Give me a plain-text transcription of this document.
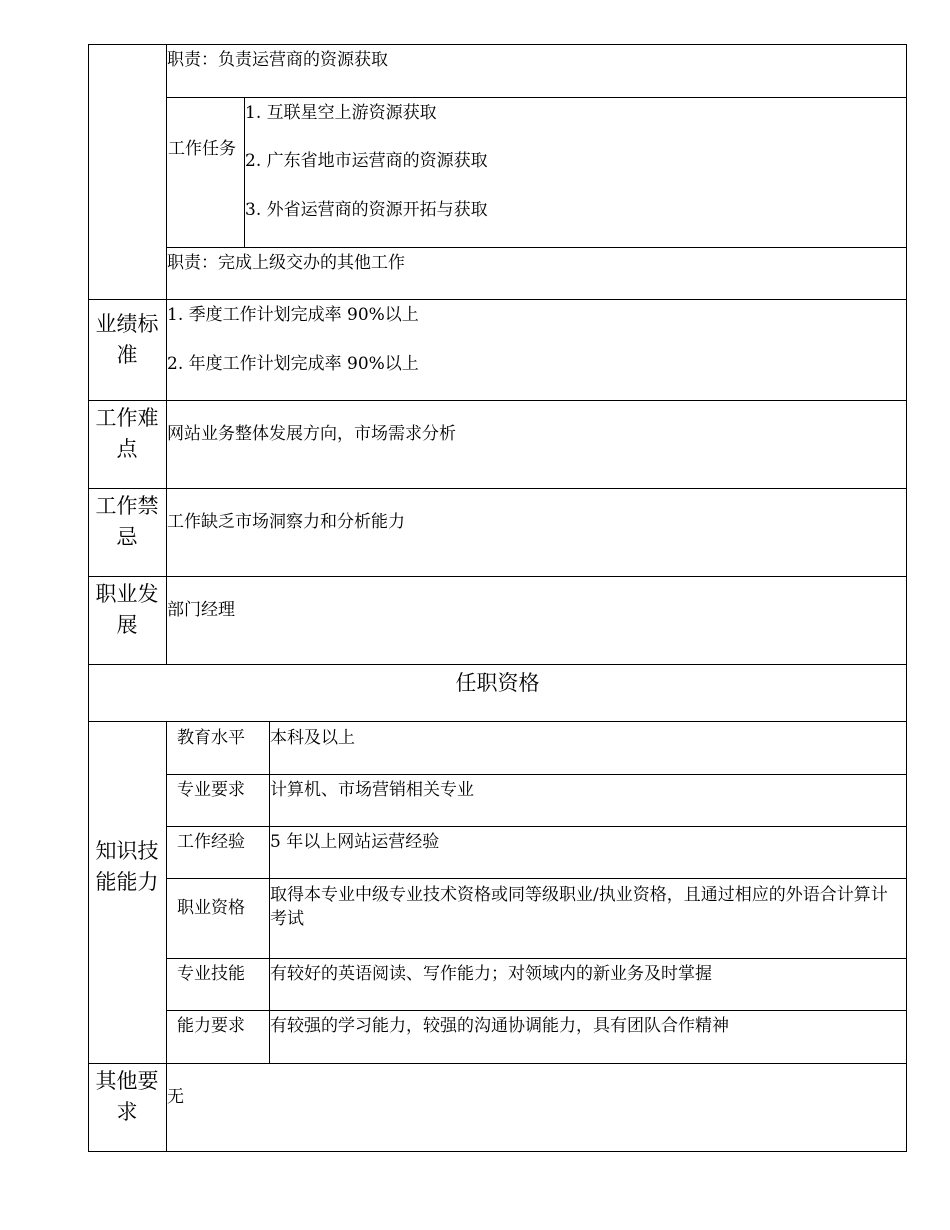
职责：负责运营商的资源获取
工作任务
1. 互联星空上游资源获取
2. 广东省地市运营商的资源获取
3. 外省运营商的资源开拓与获取
职责：完成上级交办的其他工作
业绩标准
1. 季度工作计划完成率 90%以上
2. 年度工作计划完成率 90%以上
工作难点
网站业务整体发展方向，市场需求分析
工作禁忌
工作缺乏市场洞察力和分析能力
职业发展
部门经理
任职资格
知识技能能力
教育水平 本科及以上
专业要求 计算机、市场营销相关专业
工作经验 5 年以上网站运营经验
职业资格
取得本专业中级专业技术资格或同等级职业/执业资格，且通过相应的外语合计算计考试
专业技能 有较好的英语阅读、写作能力；对领域内的新业务及时掌握
能力要求 有较强的学习能力，较强的沟通协调能力，具有团队合作精神
其他要求
无
